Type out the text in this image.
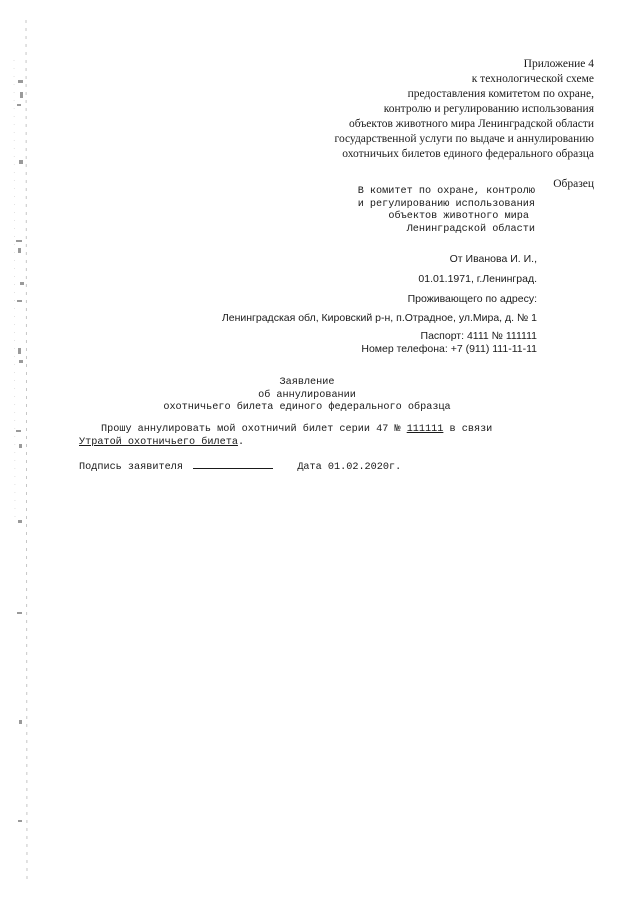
Приложение 4
к технологической схеме
предоставления комитетом по охране,
контролю и регулированию использования
объектов животного мира Ленинградской области
государственной услуги по выдаче и аннулированию
охотничьих билетов единого федерального образца
Образец
В комитет по охране, контролю
и регулированию использования
объектов животного мира
Ленинградской области
От Иванова И. И.,
01.01.1971, г.Ленинград.
Проживающего по адресу:
Ленинградская обл, Кировский р-н, п.Отрадное, ул.Мира, д. № 1
Паспорт: 4111 № 111111
Номер телефона: +7 (911) 111-11-11
Заявление
об аннулировании
охотничьего билета единого федерального образца
Прошу аннулировать мой охотничий билет серии 47 № 111111 в связи
Утратой охотничьего билета.
Подпись заявителя	Дата 01.02.2020г.
